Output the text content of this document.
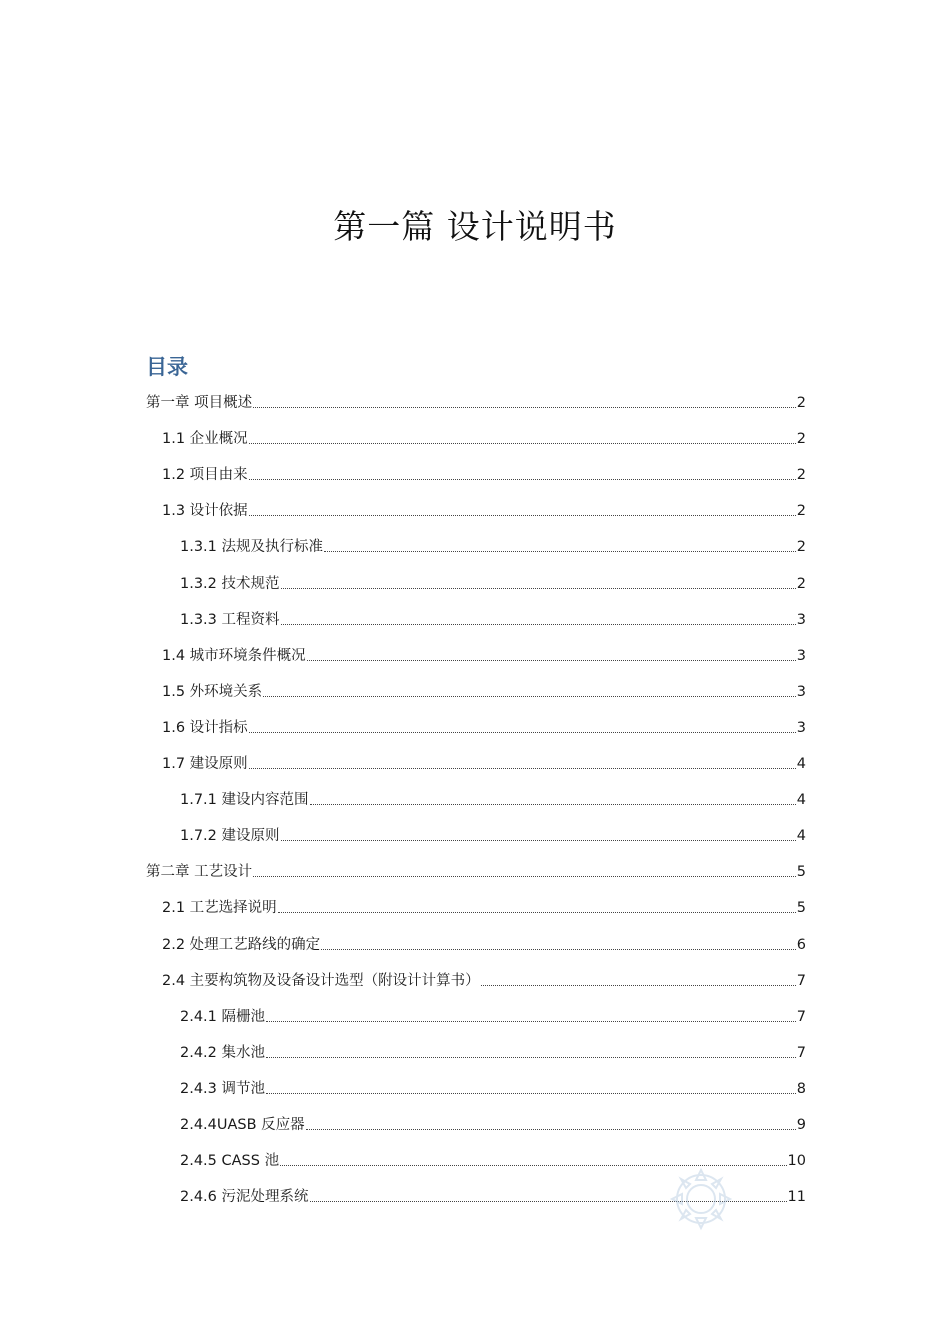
第一篇 设计说明书
目录
第一章 项目概述	2
1.1 企业概况	2
1.2 项目由来	2
1.3 设计依据	2
1.3.1 法规及执行标准	2
1.3.2 技术规范	2
1.3.3 工程资料	3
1.4 城市环境条件概况	3
1.5 外环境关系	3
1.6 设计指标	3
1.7 建设原则	4
1.7.1 建设内容范围	4
1.7.2 建设原则	4
第二章 工艺设计	5
2.1 工艺选择说明	5
2.2 处理工艺路线的确定	6
2.4 主要构筑物及设备设计选型（附设计计算书）	7
2.4.1 隔栅池	7
2.4.2 集水池	7
2.4.3 调节池	8
2.4.4UASB 反应器	9
2.4.5 CASS 池	10
2.4.6 污泥处理系统	11
